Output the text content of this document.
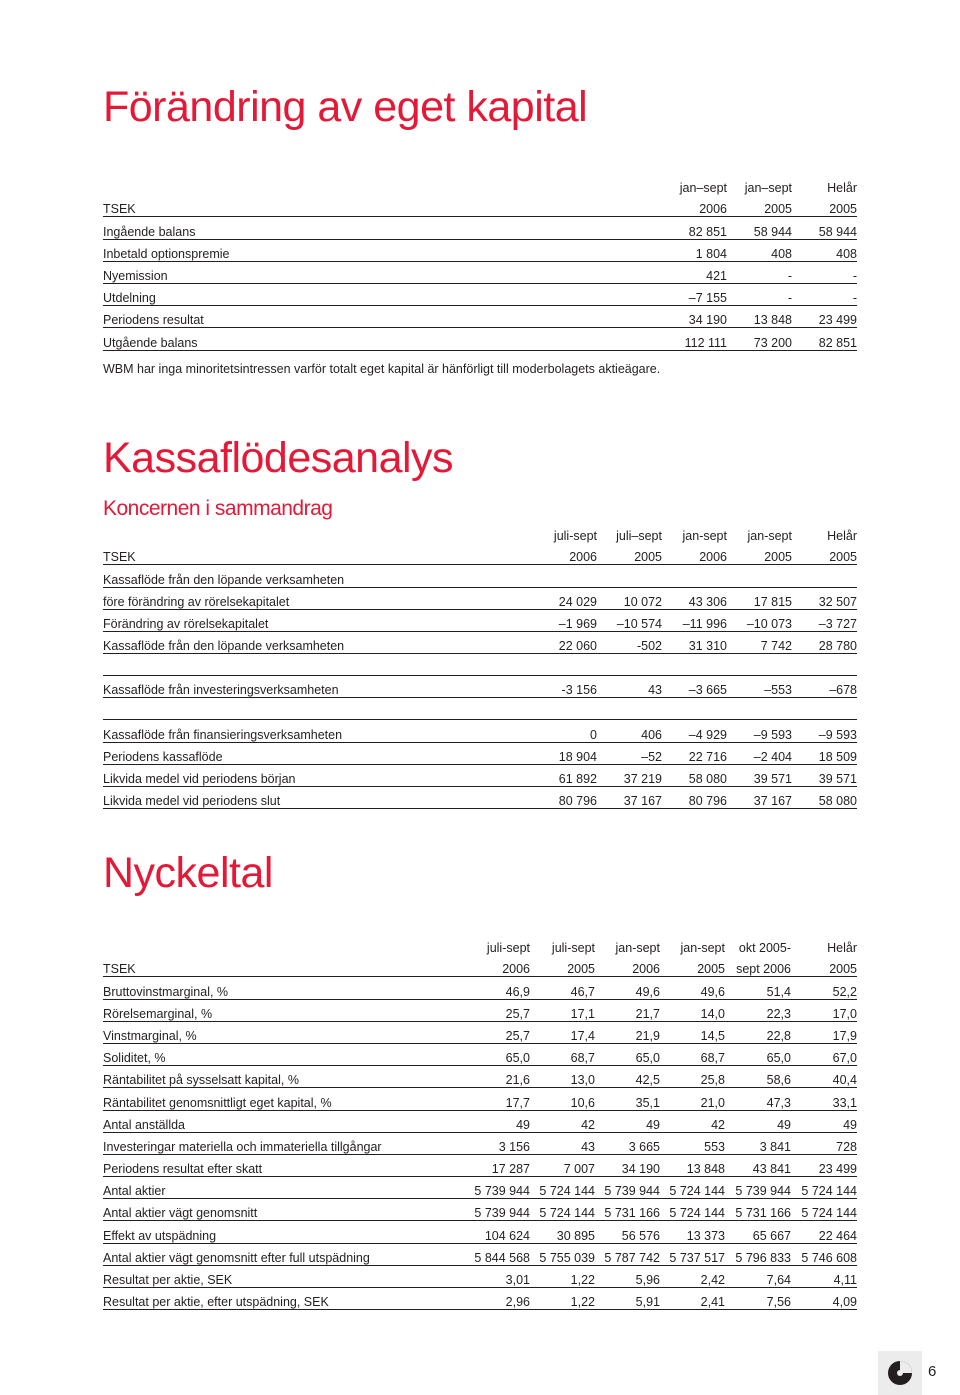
Förändring av eget kapital
	jan–sept	jan–sept	Helår
TSEK	2006	2005	2005
Ingående balans	82 851	58 944	58 944
Inbetald optionspremie	1 804	408	408
Nyemission	421	-	-
Utdelning	–7 155	-	-
Periodens resultat	34 190	13 848	23 499
Utgående balans	112 111	73 200	82 851

WBM har inga minoritetsintressen varför totalt eget kapital är hänförligt till moderbolagets aktieägare.

Kassaflödesanalys
Koncernen i sammandrag
	juli-sept	juli–sept	jan-sept	jan-sept	Helår
TSEK	2006	2005	2006	2005	2005
Kassaflöde från den löpande verksamheten					
före förändring av rörelsekapitalet	24 029	10 072	43 306	17 815	32 507
Förändring av rörelsekapitalet	–1 969	–10 574	–11 996	–10 073	–3 727
Kassaflöde från den löpande verksamheten	22 060	-502	31 310	7 742	28 780

Kassaflöde från investeringsverksamheten	-3 156	43	–3 665	–553	–678

Kassaflöde från finansieringsverksamheten	0	406	–4 929	–9 593	–9 593
Periodens kassaflöde	18 904	–52	22 716	–2 404	18 509
Likvida medel vid periodens början	61 892	37 219	58 080	39 571	39 571
Likvida medel vid periodens slut	80 796	37 167	80 796	37 167	58 080
Nyckeltal
	juli-sept	juli-sept	jan-sept	jan-sept	okt 2005-	Helår
TSEK	2006	2005	2006	2005	sept 2006	2005
Bruttovinstmarginal, %	46,9	46,7	49,6	49,6	51,4	52,2
Rörelsemarginal, %	25,7	17,1	21,7	14,0	22,3	17,0
Vinstmarginal, %	25,7	17,4	21,9	14,5	22,8	17,9
Soliditet, %	65,0	68,7	65,0	68,7	65,0	67,0
Räntabilitet på sysselsatt kapital, %	21,6	13,0	42,5	25,8	58,6	40,4
Räntabilitet genomsnittligt eget kapital, %	17,7	10,6	35,1	21,0	47,3	33,1
Antal anställda	49	42	49	42	49	49
Investeringar materiella och immateriella tillgångar	3 156	43	3 665	553	3 841	728
Periodens resultat efter skatt	17 287	7 007	34 190	13 848	43 841	23 499
Antal aktier	5 739 944	5 724 144	5 739 944	5 724 144	5 739 944	5 724 144
Antal aktier vägt genomsnitt	5 739 944	5 724 144	5 731 166	5 724 144	5 731 166	5 724 144
Effekt av utspädning	104 624	30 895	56 576	13 373	65 667	22 464
Antal aktier vägt genomsnitt efter full utspädning	5 844 568	5 755 039	5 787 742	5 737 517	5 796 833	5 746 608
Resultat per aktie, SEK	3,01	1,22	5,96	2,42	7,64	4,11
Resultat per aktie, efter utspädning, SEK	2,96	1,22	5,91	2,41	7,56	4,09
6
